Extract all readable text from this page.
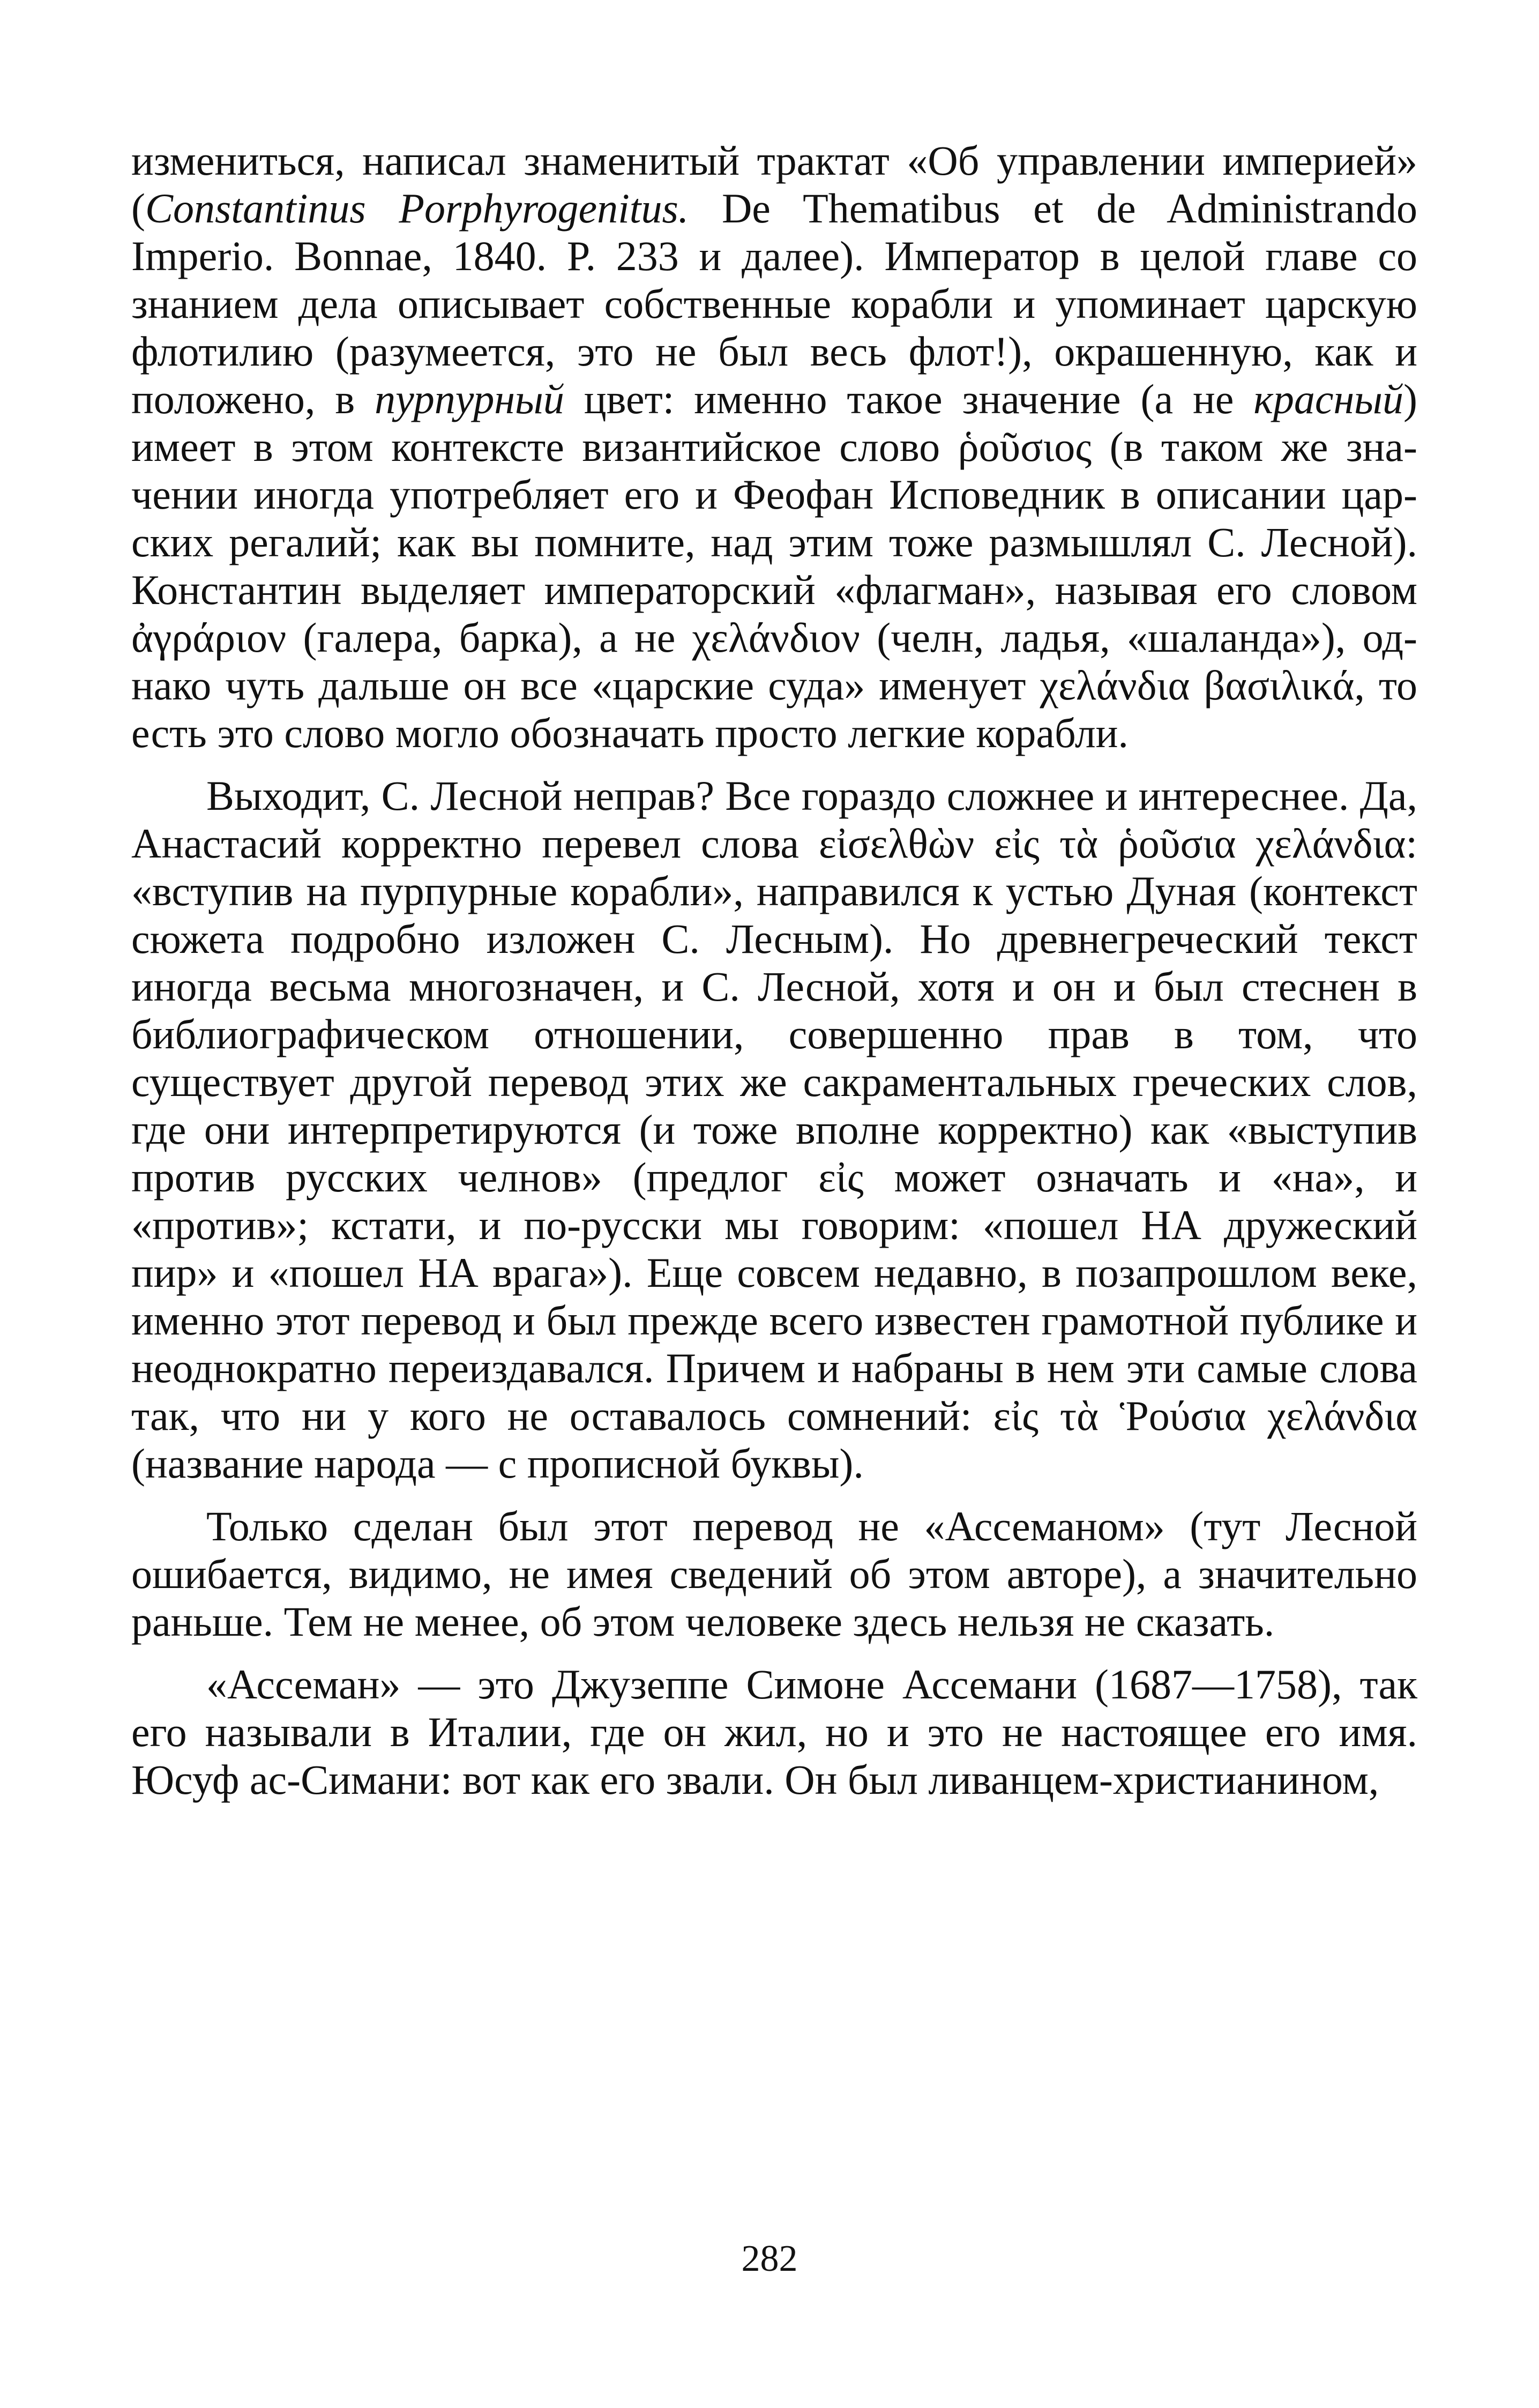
измениться, написал знаменитый трактат «Об управлении империей» (Constantinus Porphyrogenitus. De Thematibus et de Administrando Imperio. Bonnae, 1840. P. 233 и далее). Император в целой главе со знанием дела описывает собственные корабли и упоминает царскую флотилию (разумеется, это не был весь флот!), окрашенную, как и положено, в пурпурный цвет: именно такое значение (а не красный) имеет в этом контексте византийское слово ῥοῦσιος (в таком же значении иногда употребляет его и Феофан Исповедник в описании царских регалий; как вы помните, над этим тоже размышлял С. Лесной). Константин выделяет императорский «флагман», называя его словом ἀγράριον (галера, барка), а не χελάνδιον (челн, ладья, «шаланда»), однако чуть дальше он все «царские суда» именует χελάνδια βασιλικά, то есть это слово могло обозначать просто легкие корабли.

Выходит, С. Лесной неправ? Все гораздо сложнее и интереснее. Да, Анастасий корректно перевел слова εἰσελθὼν εἰς τὰ ῥοῦσια χελάνδια: «вступив на пурпурные корабли», направился к устью Дуная (контекст сюжета подробно изложен С. Лесным). Но древнегреческий текст иногда весьма многозначен, и С. Лесной, хотя и он и был стеснен в библиографическом отношении, совершенно прав в том, что существует другой перевод этих же сакраментальных греческих слов, где они интерпретируются (и тоже вполне корректно) как «выступив против русских челнов» (предлог εἰς может означать и «на», и «против»; кстати, и по-русски мы говорим: «пошел НА дружеский пир» и «пошел НА врага»). Еще совсем недавно, в позапрошлом веке, именно этот перевод и был прежде всего известен грамотной публике и неоднократно переиздавался. Причем и набраны в нем эти самые слова так, что ни у кого не оставалось сомнений: εἰς τὰ Ῥούσια χελάνδια (название народа — с прописной буквы).

Только сделан был этот перевод не «Ассеманом» (тут Лесной ошибается, видимо, не имея сведений об этом авторе), а значительно раньше. Тем не менее, об этом человеке здесь нельзя не сказать.

«Ассеман» — это Джузеппе Симоне Ассемани (1687—1758), так его называли в Италии, где он жил, но и это не настоящее его имя. Юсуф ас-Симани: вот как его звали. Он был ливанцем-христианином,

282
